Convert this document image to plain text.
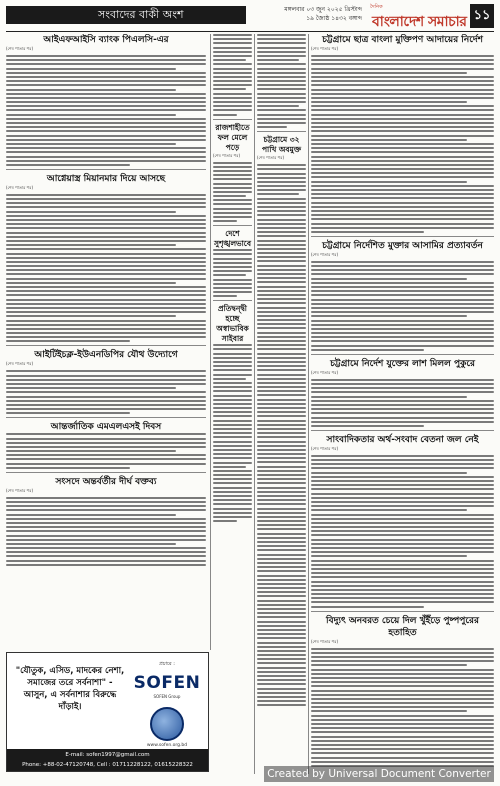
সংবাদের বাকী অংশ	মঙ্গলবার ০৩ জুন ২০২৫ খ্রিস্টাব্দ
১৯ জ্যৈষ্ঠ ১৪৩২ বঙ্গাব্দ
দৈনিক
বাংলাদেশ সমাচার ১১
আইএফআইসি ব্যাংক পিএলসি-এর
(শেষ পাতার পর)
আগ্নেয়াস্ত্র মিয়ানমার দিয়ে আসছে
(শেষ পাতার পর)
আইটিইচক্ল-ইউএনডিপির যৌথ উদ্যোগে
(শেষ পাতার পর)
আন্তর্জাতিক এমএলএসই দিবস
সংসদে অন্তর্বর্তীর দীর্ঘ বক্তব্য
(শেষ পাতার পর)
রাজশাহীতে ফল মেলে পড়ে
(শেষ পাতার পর)
দেশে সুশৃঙ্খলভাবে
প্রতিদ্বন্দ্বী হচ্ছে অস্বাভাবিক সাইবার
চট্টগ্রামে ৩২ পাখি অবমুক্ত
(শেষ পাতার পর)
চট্টগ্রামে ছাত্র বাংলা মুক্তিপণ আদায়ের নির্দেশ
(শেষ পাতার পর)
চট্টগ্রামে নির্দেশিত মুক্তার আসামির প্রত্যাবর্তন
(শেষ পাতার পর)
চট্টগ্রামে নির্দেশ যুক্তের লাশ মিলল পুকুরে
(শেষ পাতার পর)
সাংবাদিকতার অর্থ-সংবাদ বেতনা জল নেই
(শেষ পাতার পর)
বিদ্যুৎ অনবরত চেয়ে দিল খুঁইঁড়ে পুষ্পপুরের হতাহিত
(শেষ পাতার পর)
"যৌতুক, এসিড, মাদকের নেশা, সমাজের তরে সর্বনাশা" - আসুন, এ সর্বনাশার বিরুদ্ধে দাঁড়াই।
প্রচারে :
SOFEN
SOFEN Group
www.sofen.org.bd
E-mail: sofen1997@gmail.com
Phone: +88-02-47120748, Cell : 01711228122, 01615228322
Created by Universal Document Converter
